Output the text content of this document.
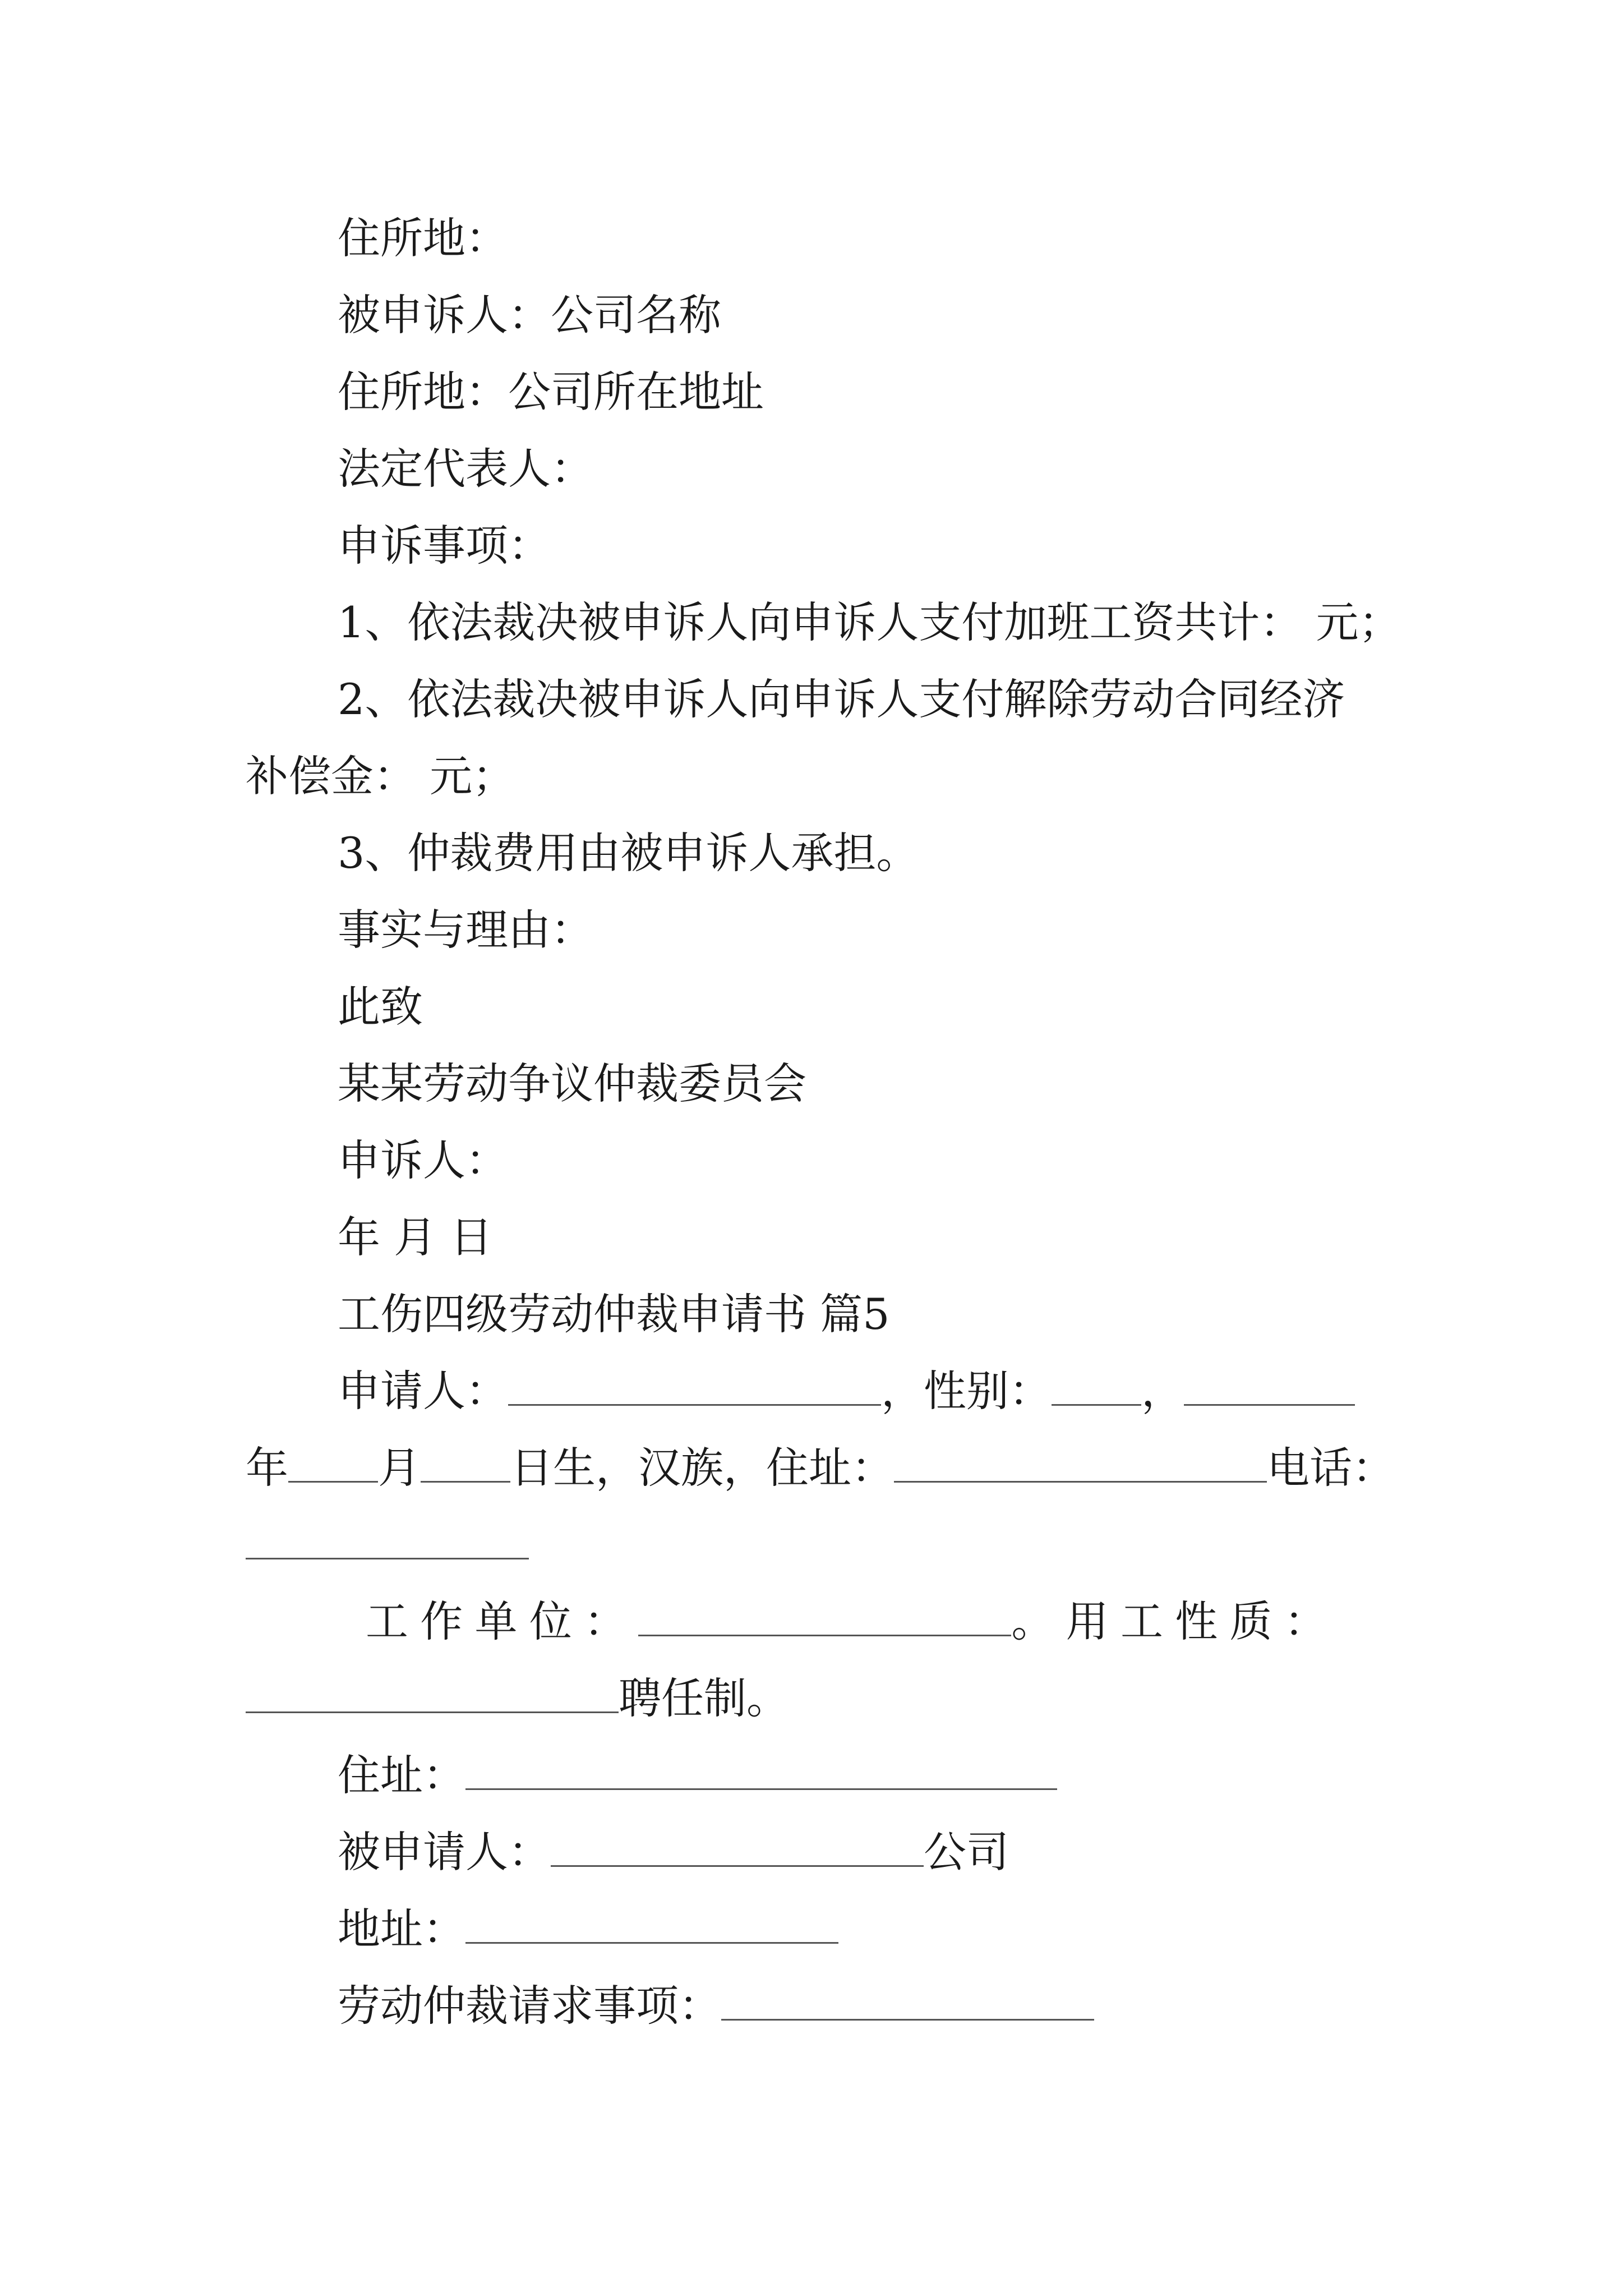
住所地：
被申诉人：公司名称
住所地：公司所在地址
法定代表人：
申诉事项：
1、依法裁决被申诉人向申诉人支付加班工资共计： 元；
2、依法裁决被申诉人向申诉人支付解除劳动合同经济
补偿金： 元；
3、仲裁费用由被申诉人承担。
事实与理由：
此致
某某劳动争议仲裁委员会
申诉人：
年 月 日
工伤四级劳动仲裁申请书 篇5
申请人：	，性别： ，
年 月 日生，汉族，住址：	电话：
工作单位：	。用工性质：
聘任制。
住址：
被申请人：	公司
地址：
劳动仲裁请求事项：
